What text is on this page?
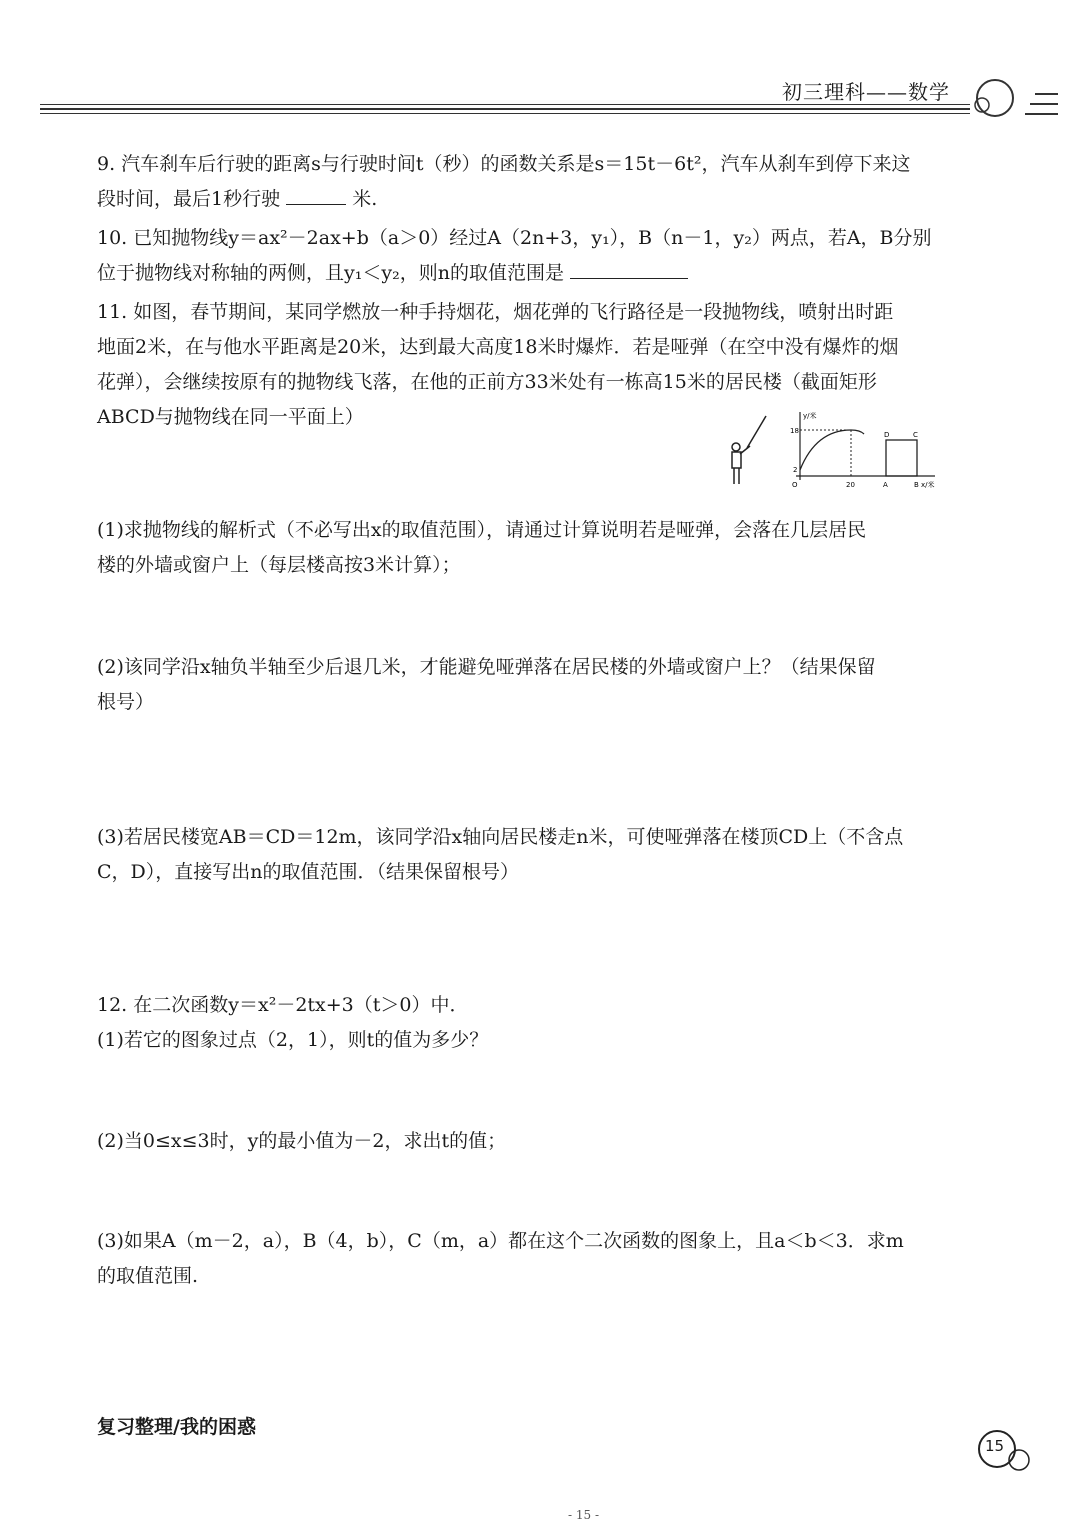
初三理科——数学

9. 汽车刹车后行驶的距离s与行驶时间t（秒）的函数关系是s＝15t－6t²，汽车从刹车到停下来这

段时间，最后1秒行驶	米.

10. 已知抛物线y＝ax²－2ax+b（a＞0）经过A（2n+3，y₁），B（n－1，y₂）两点，若A，B分别

位于抛物线对称轴的两侧，且y₁＜y₂，则n的取值范围是

11. 如图，春节期间，某同学燃放一种手持烟花，烟花弹的飞行路径是一段抛物线，喷射出时距

地面2米，在与他水平距离是20米，达到最大高度18米时爆炸．若是哑弹（在空中没有爆炸的烟

花弹），会继续按原有的抛物线飞落，在他的正前方33米处有一栋高15米的居民楼（截面矩形

ABCD与抛物线在同一平面上）	y/米
18
2
O	20	A	B x/米
D	C

(1)求抛物线的解析式（不必写出x的取值范围），请通过计算说明若是哑弹，会落在几层居民

楼的外墙或窗户上（每层楼高按3米计算）；

(2)该同学沿x轴负半轴至少后退几米，才能避免哑弹落在居民楼的外墙或窗户上？（结果保留

根号）

(3)若居民楼宽AB＝CD＝12m，该同学沿x轴向居民楼走n米，可使哑弹落在楼顶CD上（不含点

C，D），直接写出n的取值范围．（结果保留根号）

12. 在二次函数y＝x²－2tx+3（t＞0）中．

(1)若它的图象过点（2，1），则t的值为多少？

(2)当0≤x≤3时，y的最小值为－2，求出t的值；

(3)如果A（m－2，a），B（4，b），C（m，a）都在这个二次函数的图象上，且a＜b＜3．求m

的取值范围.

复习整理/我的困惑
15
- 15 -
